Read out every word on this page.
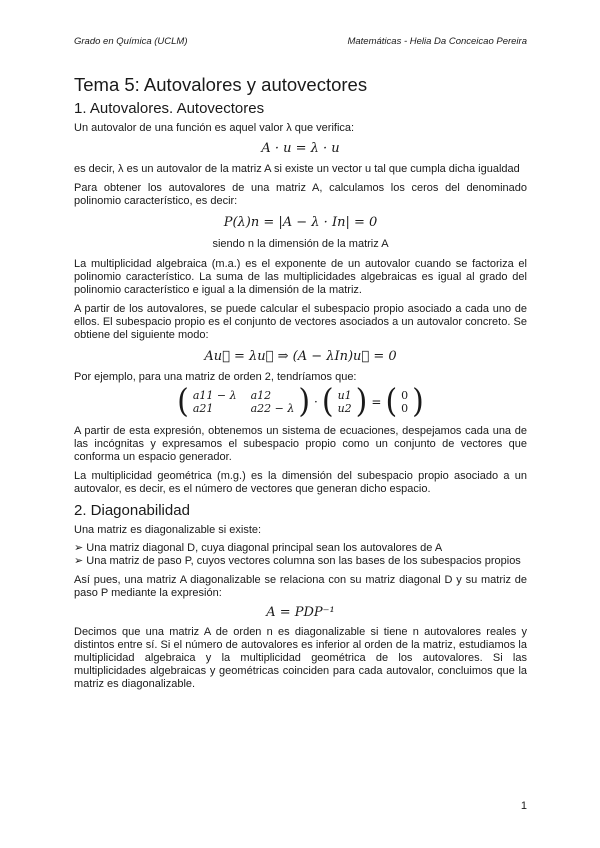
Grado en Química (UCLM)	Matemáticas - Helia Da Conceicao Pereira
Tema 5: Autovalores y autovectores
1. Autovalores. Autovectores

Un autovalor de una función es aquel valor λ que verifica:

A · u = λ · u

es decir, λ es un autovalor de la matriz A si existe un vector u tal que cumpla dicha igualdad

Para obtener los autovalores de una matriz A, calculamos los ceros del denominado polinomio característico, es decir:

P(λ)n = |A − λ · In| = 0
siendo n la dimensión de la matriz A

La multiplicidad algebraica (m.a.) es el exponente de un autovalor cuando se factoriza el polinomio característico. La suma de las multiplicidades algebraicas es igual al grado del polinomio característico e igual a la dimensión de la matriz.

A partir de los autovalores, se puede calcular el subespacio propio asociado a cada uno de ellos. El subespacio propio es el conjunto de vectores asociados a un autovalor concreto. Se obtiene del siguiente modo:

Au⃗ = λu⃗ ⇒ (A − λIn)u⃗ = 0

Por ejemplo, para una matriz de orden 2, tendríamos que:

( a11 − λ a12
a21	a22 − λ ) · ( u1
u2 ) = ( 0
0 )

A partir de esta expresión, obtenemos un sistema de ecuaciones, despejamos cada una de las incógnitas y expresamos el subespacio propio como un conjunto de vectores que conforma un espacio generador.

La multiplicidad geométrica (m.g.) es la dimensión del subespacio propio asociado a un autovalor, es decir, es el número de vectores que generan dicho espacio.

2. Diagonabilidad

Una matriz es diagonalizable si existe:

➢ Una matriz diagonal D, cuya diagonal principal sean los autovalores de A
➢ Una matriz de paso P, cuyos vectores columna son las bases de los subespacios propios

Así pues, una matriz A diagonalizable se relaciona con su matriz diagonal D y su matriz de paso P mediante la expresión:

A = PDP⁻¹

Decimos que una matriz A de orden n es diagonalizable si tiene n autovalores reales y distintos entre sí. Si el número de autovalores es inferior al orden de la matriz, estudiamos la multiplicidad algebraica y la multiplicidad geométrica de los autovalores. Si las multiplicidades algebraicas y geométricas coinciden para cada autovalor, concluimos que la matriz es diagonalizable.

1
